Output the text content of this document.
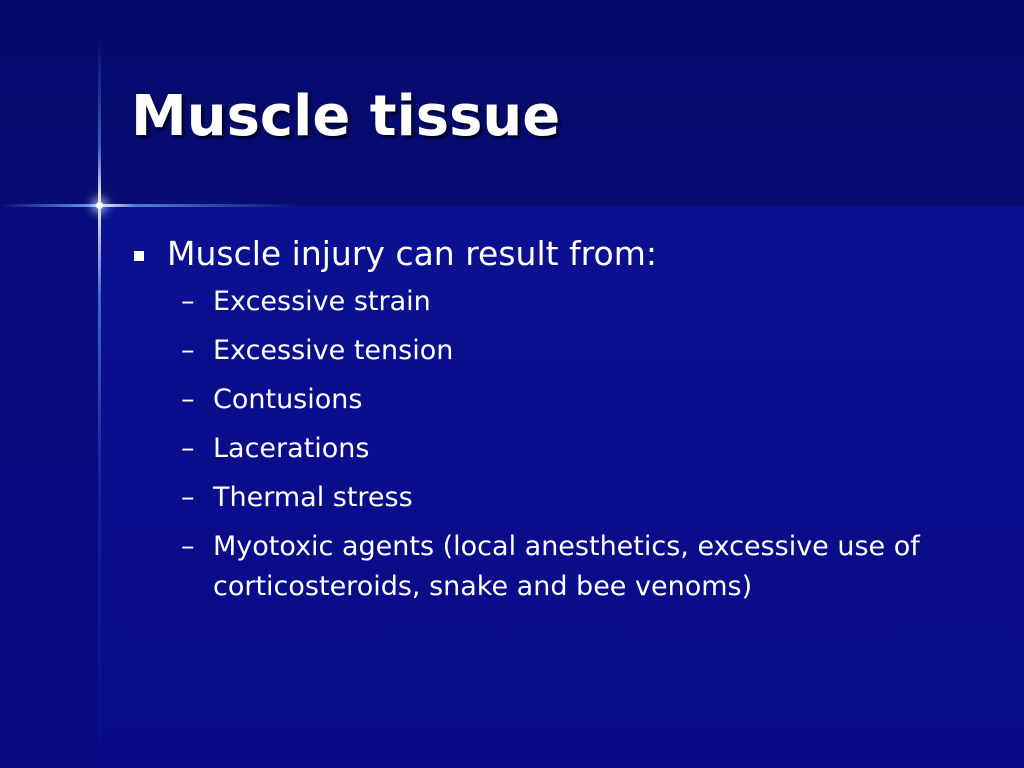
Muscle tissue
Muscle injury can result from:
– Excessive strain
– Excessive tension
– Contusions
– Lacerations
– Thermal stress
– Myotoxic agents (local anesthetics, excessive use of corticosteroids, snake and bee venoms)
